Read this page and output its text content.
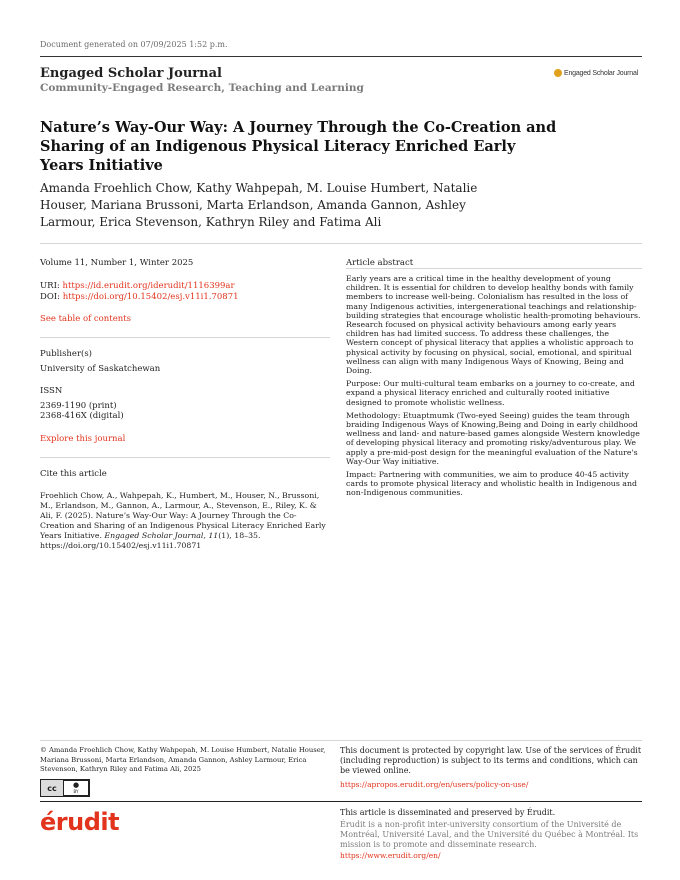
Document generated on 07/09/2025 1:52 p.m.
Engaged Scholar Journal
Community-Engaged Research, Teaching and Learning
Engaged Scholar Journal
Nature’s Way-Our Way: A Journey Through the Co-Creation and Sharing of an Indigenous Physical Literacy Enriched Early Years Initiative
Amanda Froehlich Chow, Kathy Wahpepah, M. Louise Humbert, Natalie Houser, Mariana Brussoni, Marta Erlandson, Amanda Gannon, Ashley Larmour, Erica Stevenson, Kathryn Riley and Fatima Ali
Volume 11, Number 1, Winter 2025
URI: https://id.erudit.org/iderudit/1116399ar
DOI: https://doi.org/10.15402/esj.v11i1.70871
See table of contents
Publisher(s)
University of Saskatchewan
ISSN
2369-1190 (print)
2368-416X (digital)
Explore this journal
Cite this article
Froehlich Chow, A., Wahpepah, K., Humbert, M., Houser, N., Brussoni, M., Erlandson, M., Gannon, A., Larmour, A., Stevenson, E., Riley, K. & Ali, F. (2025). Nature’s Way-Our Way: A Journey Through the Co-Creation and Sharing of an Indigenous Physical Literacy Enriched Early Years Initiative. Engaged Scholar Journal, 11(1), 18–35. https://doi.org/10.15402/esj.v11i1.70871
Article abstract

Early years are a critical time in the healthy development of young children. It is essential for children to develop healthy bonds with family members to increase well-being. Colonialism has resulted in the loss of many Indigenous activities, intergenerational teachings and relationship-building strategies that encourage wholistic health-promoting behaviours. Research focused on physical activity behaviours among early years children has had limited success. To address these challenges, the Western concept of physical literacy that applies a wholistic approach to physical activity by focusing on physical, social, emotional, and spiritual wellness can align with many Indigenous Ways of Knowing, Being and Doing.

Purpose: Our multi-cultural team embarks on a journey to co-create, and expand a physical literacy enriched and culturally rooted initiative designed to promote wholistic wellness.

Methodology: Etuaptmumk (Two-eyed Seeing) guides the team through braiding Indigenous Ways of Knowing,Being and Doing in early childhood wellness and land- and nature-based games alongside Western knowledge of developing physical literacy and promoting risky/adventurous play. We apply a pre-mid-post design for the meaningful evaluation of the Nature's Way-Our Way initiative.

Impact: Partnering with communities, we aim to produce 40-45 activity cards to promote physical literacy and wholistic health in Indigenous and non-Indigenous communities.

© Amanda Froehlich Chow, Kathy Wahpepah, M. Louise Humbert, Natalie Houser, Mariana Brussoni, Marta Erlandson, Amanda Gannon, Ashley Larmour, Erica Stevenson, Kathryn Riley and Fatima Ali, 2025
cc	●
BY
This document is protected by copyright law. Use of the services of Érudit (including reproduction) is subject to its terms and conditions, which can be viewed online.
https://apropos.erudit.org/en/users/policy-on-use/
érudit	This article is disseminated and preserved by Érudit.
Érudit is a non-profit inter-university consortium of the Université de Montréal, Université Laval, and the Université du Québec à Montréal. Its mission is to promote and disseminate research.
https://www.erudit.org/en/
